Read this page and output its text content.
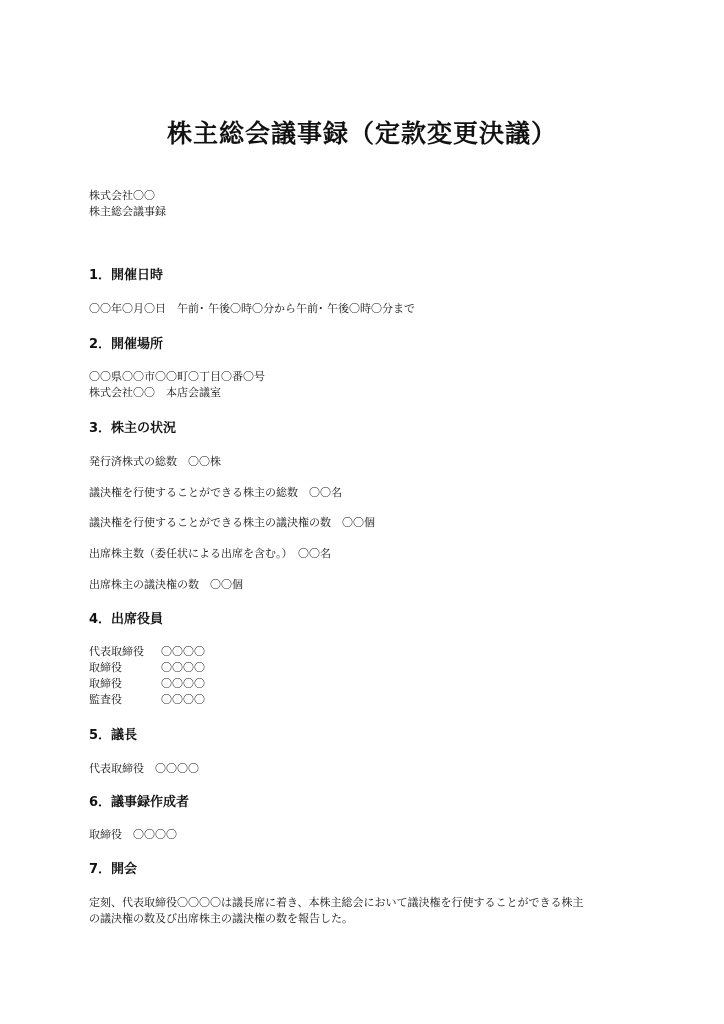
株主総会議事録（定款変更決議）
株式会社〇〇
株主総会議事録
1．開催日時
〇〇年〇月〇日　午前･ 午後〇時〇分から午前･ 午後〇時〇分まで
2．開催場所
〇〇県〇〇市〇〇町〇丁目〇番〇号
株式会社〇〇　本店会議室
3．株主の状況
発行済株式の総数　〇〇株
議決権を行使することができる株主の総数　〇〇名
議決権を行使することができる株主の議決権の数　〇〇個
出席株主数（委任状による出席を含む。）　〇〇名
出席株主の議決権の数　〇〇個
4．出席役員
代表取締役 〇〇〇〇
取締役	〇〇〇〇
取締役	〇〇〇〇
監査役	〇〇〇〇
5．議長
代表取締役　〇〇〇〇
6．議事録作成者
取締役　〇〇〇〇
7．開会
定刻、代表取締役〇〇〇〇は議長席に着き、本株主総会において議決権を行使することができる株主
の議決権の数及び出席株主の議決権の数を報告した。
